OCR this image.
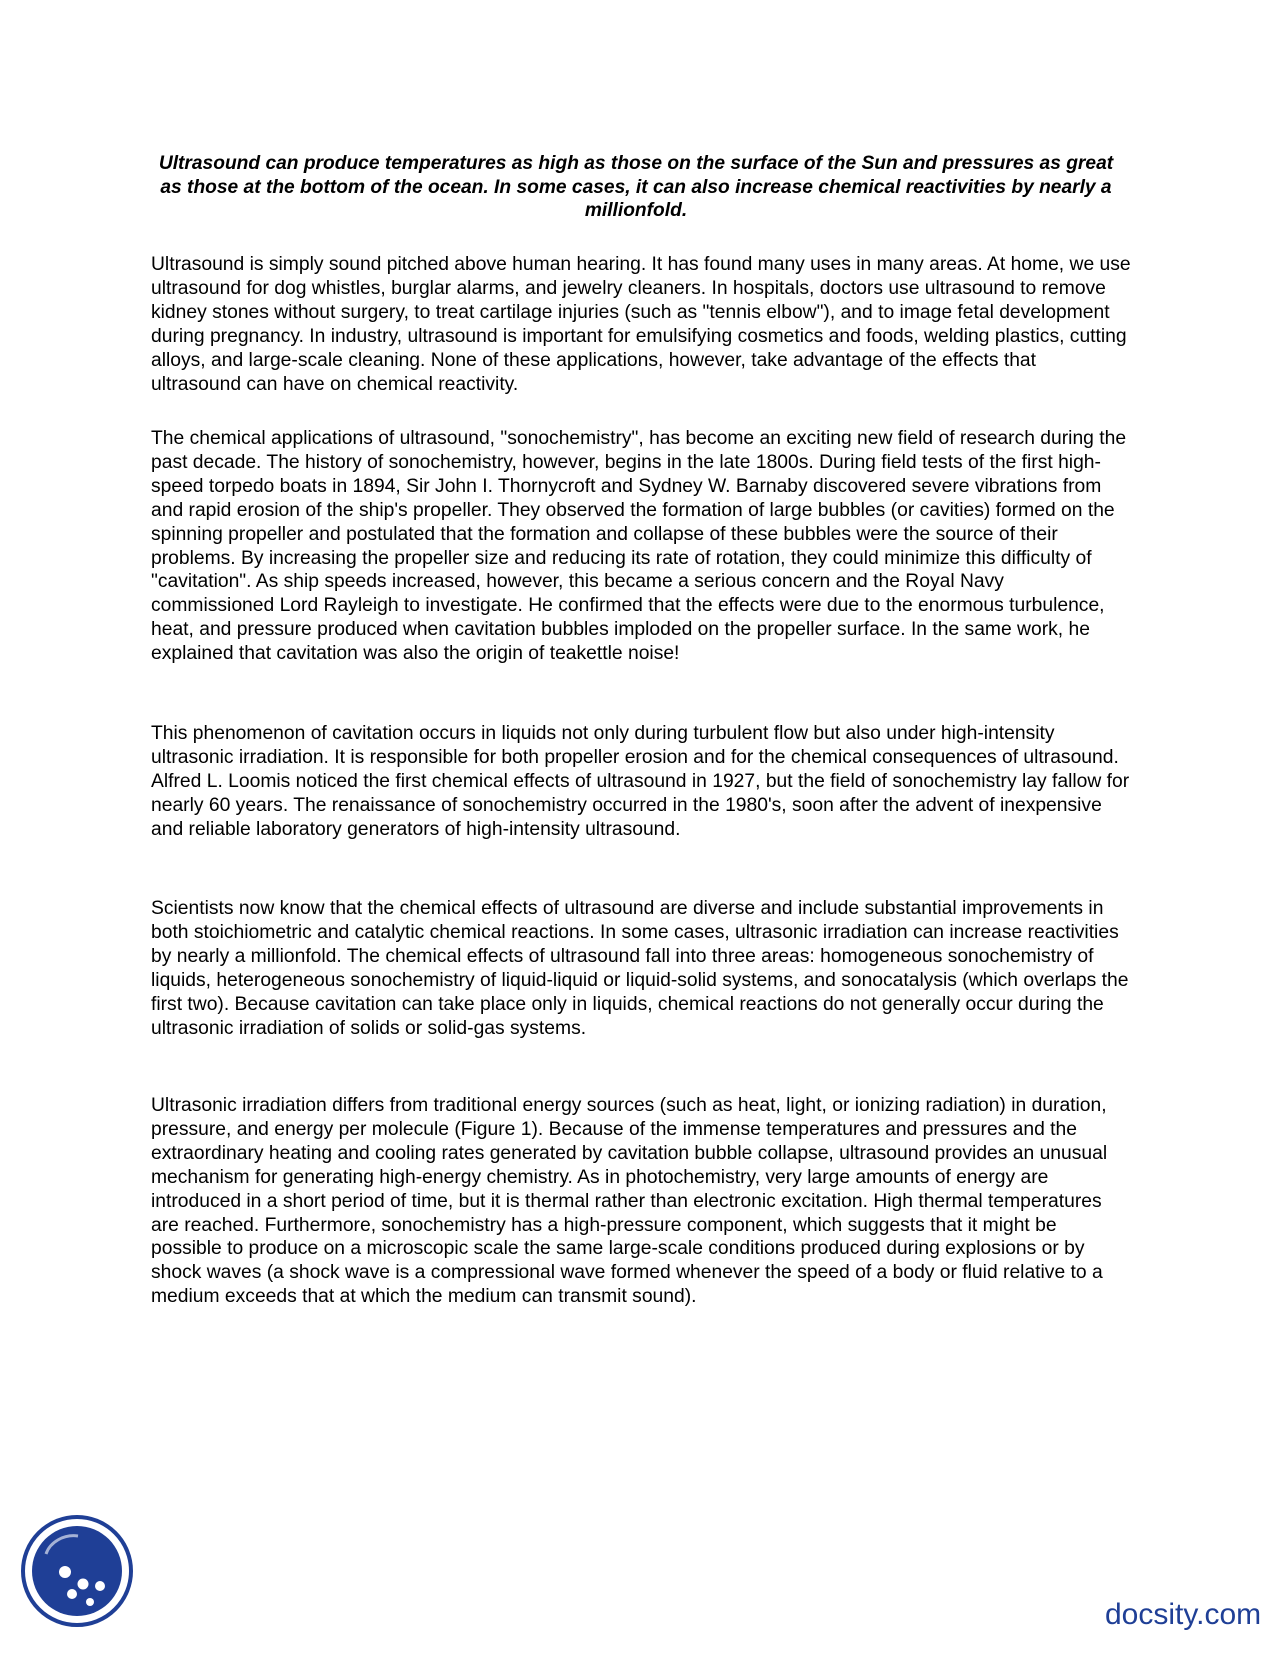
Ultrasound can produce temperatures as high as those on the surface of the Sun and pressures as great as those at the bottom of the ocean. In some cases, it can also increase chemical reactivities by nearly a millionfold.

Ultrasound is simply sound pitched above human hearing. It has found many uses in many areas. At home, we use ultrasound for dog whistles, burglar alarms, and jewelry cleaners. In hospitals, doctors use ultrasound to remove kidney stones without surgery, to treat cartilage injuries (such as "tennis elbow"), and to image fetal development during pregnancy. In industry, ultrasound is important for emulsifying cosmetics and foods, welding plastics, cutting alloys, and large-scale cleaning. None of these applications, however, take advantage of the effects that ultrasound can have on chemical reactivity.

The chemical applications of ultrasound, "sonochemistry", has become an exciting new field of research during the past decade. The history of sonochemistry, however, begins in the late 1800s. During field tests of the first high-speed torpedo boats in 1894, Sir John I. Thornycroft and Sydney W. Barnaby discovered severe vibrations from and rapid erosion of the ship's propeller. They observed the formation of large bubbles (or cavities) formed on the spinning propeller and postulated that the formation and collapse of these bubbles were the source of their problems. By increasing the propeller size and reducing its rate of rotation, they could minimize this difficulty of "cavitation". As ship speeds increased, however, this became a serious concern and the Royal Navy commissioned Lord Rayleigh to investigate. He confirmed that the effects were due to the enormous turbulence, heat, and pressure produced when cavitation bubbles imploded on the propeller surface. In the same work, he explained that cavitation was also the origin of teakettle noise!

This phenomenon of cavitation occurs in liquids not only during turbulent flow but also under high-intensity ultrasonic irradiation. It is responsible for both propeller erosion and for the chemical consequences of ultrasound. Alfred L. Loomis noticed the first chemical effects of ultrasound in 1927, but the field of sonochemistry lay fallow for nearly 60 years. The renaissance of sonochemistry occurred in the 1980's, soon after the advent of inexpensive and reliable laboratory generators of high-intensity ultrasound.

Scientists now know that the chemical effects of ultrasound are diverse and include substantial improvements in both stoichiometric and catalytic chemical reactions. In some cases, ultrasonic irradiation can increase reactivities by nearly a millionfold. The chemical effects of ultrasound fall into three areas: homogeneous sonochemistry of liquids, heterogeneous sonochemistry of liquid-liquid or liquid-solid systems, and sonocatalysis (which overlaps the first two). Because cavitation can take place only in liquids, chemical reactions do not generally occur during the ultrasonic irradiation of solids or solid-gas systems.

Ultrasonic irradiation differs from traditional energy sources (such as heat, light, or ionizing radiation) in duration, pressure, and energy per molecule (Figure 1). Because of the immense temperatures and pressures and the extraordinary heating and cooling rates generated by cavitation bubble collapse, ultrasound provides an unusual mechanism for generating high-energy chemistry. As in photochemistry, very large amounts of energy are introduced in a short period of time, but it is thermal rather than electronic excitation. High thermal temperatures are reached. Furthermore, sonochemistry has a high-pressure component, which suggests that it might be possible to produce on a microscopic scale the same large-scale conditions produced during explosions or by shock waves (a shock wave is a compressional wave formed whenever the speed of a body or fluid relative to a medium exceeds that at which the medium can transmit sound).

docsity.com
